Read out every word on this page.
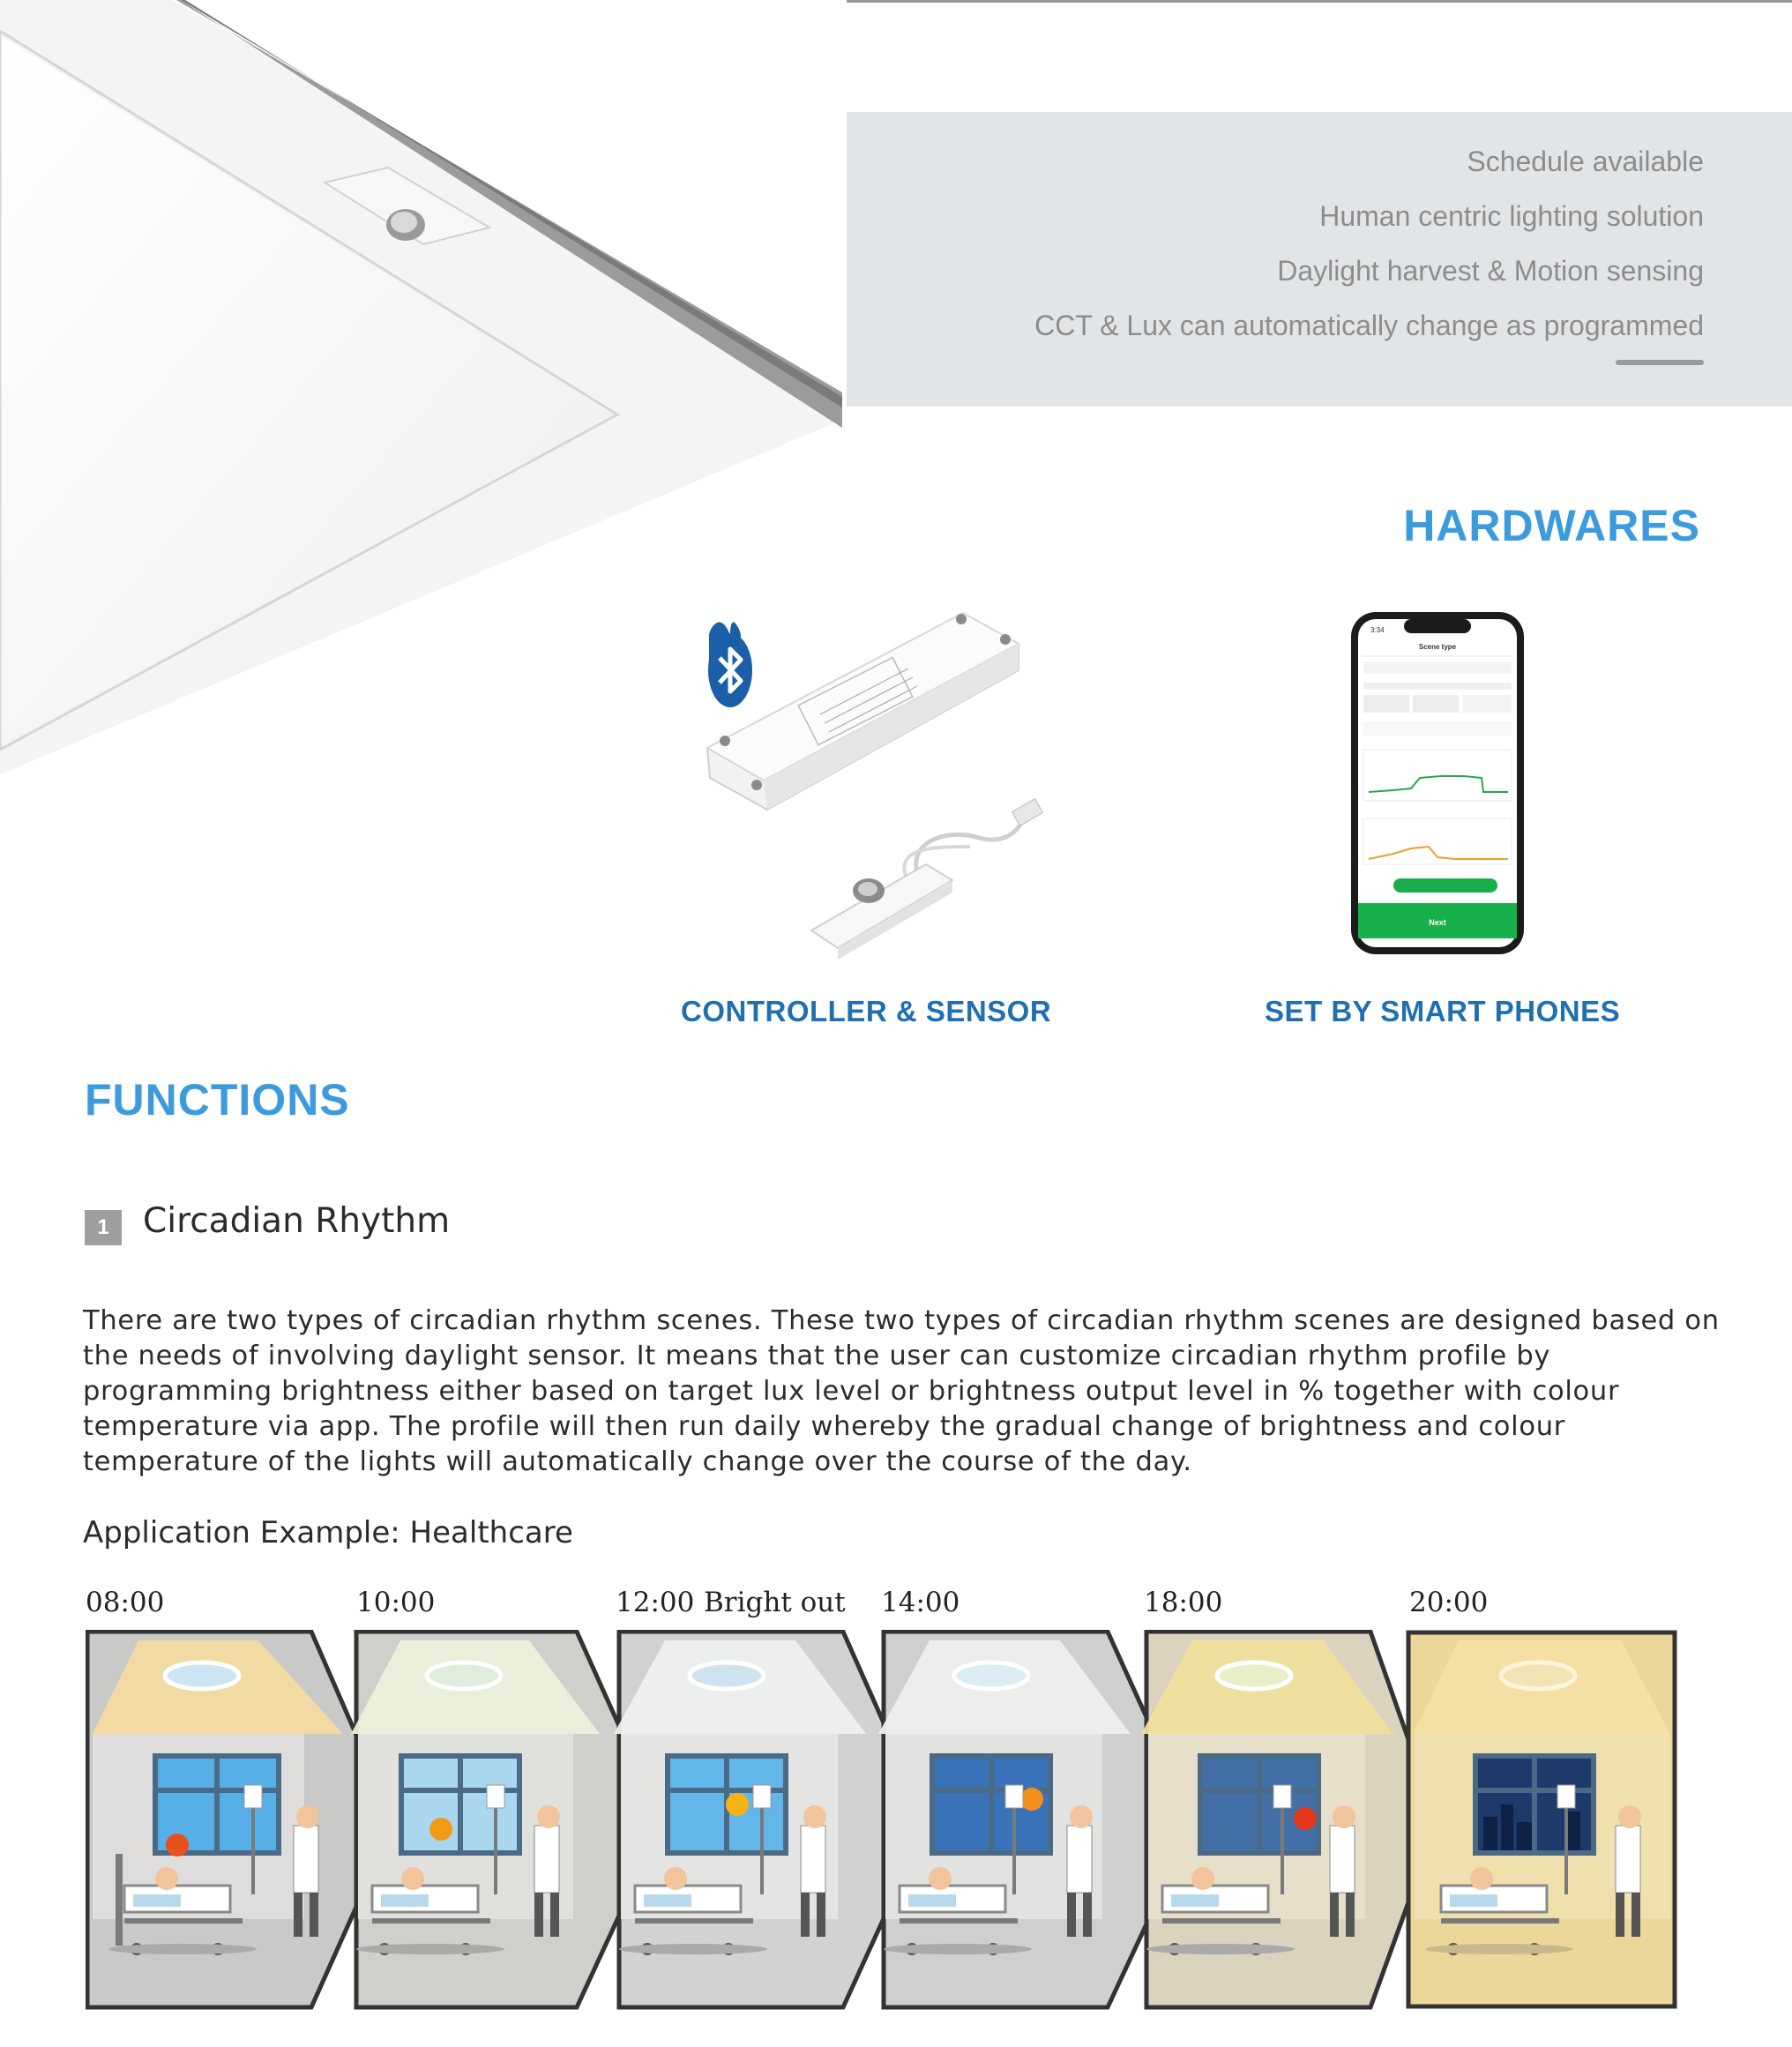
Schedule available
Human centric lighting solution
Daylight harvest & Motion sensing
CCT & Lux can automatically change as programmed
HARDWARES
3:34
Scene type
Next
CONTROLLER & SENSOR	SET BY SMART PHONES
FUNCTIONS
1 Circadian Rhythm
There are two types of circadian rhythm scenes. These two types of circadian rhythm scenes are designed based on the needs of involving daylight sensor. It means that the user can customize circadian rhythm profile by programming brightness either based on target lux level or brightness output level in % together with colour temperature via app. The profile will then run daily whereby the gradual change of brightness and colour temperature of the lights will automatically change over the course of the day.
Application Example: Healthcare
08:00	10:00	12:00 Bright out 14:00	18:00	20:00
